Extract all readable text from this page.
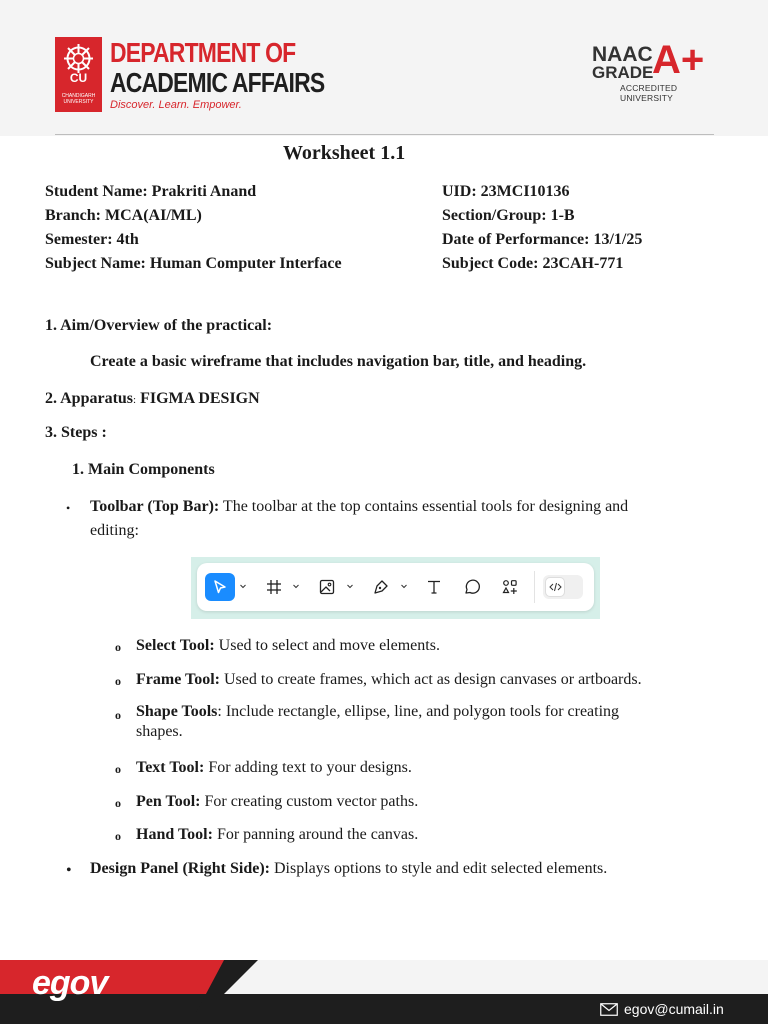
CU
CHANDIGARH UNIVERSITY
DEPARTMENT OF
ACADEMIC AFFAIRS
Discover. Learn. Empower.
NAAC
GRADE
A+
ACCREDITED UNIVERSITY
Worksheet 1.1
Student Name: Prakriti Anand	UID: 23MCI10136
Branch: MCA(AI/ML)	Section/Group: 1-B
Semester: 4th	Date of Performance: 13/1/25
Subject Name: Human Computer Interface	Subject Code: 23CAH-771
1. Aim/Overview of the practical:
Create a basic wireframe that includes navigation bar, title, and heading.
2. Apparatus: FIGMA DESIGN
3. Steps :
1. Main Components
• Toolbar (Top Bar): The toolbar at the top contains essential tools for designing and
editing:
o Select Tool: Used to select and move elements.
o Frame Tool: Used to create frames, which act as design canvases or artboards.
o Shape Tools: Include rectangle, ellipse, line, and polygon tools for creating
shapes.
o Text Tool: For adding text to your designs.
o Pen Tool: For creating custom vector paths.
o Hand Tool: For panning around the canvas.
• Design Panel (Right Side): Displays options to style and edit selected elements.
egov
egov@cumail.in
